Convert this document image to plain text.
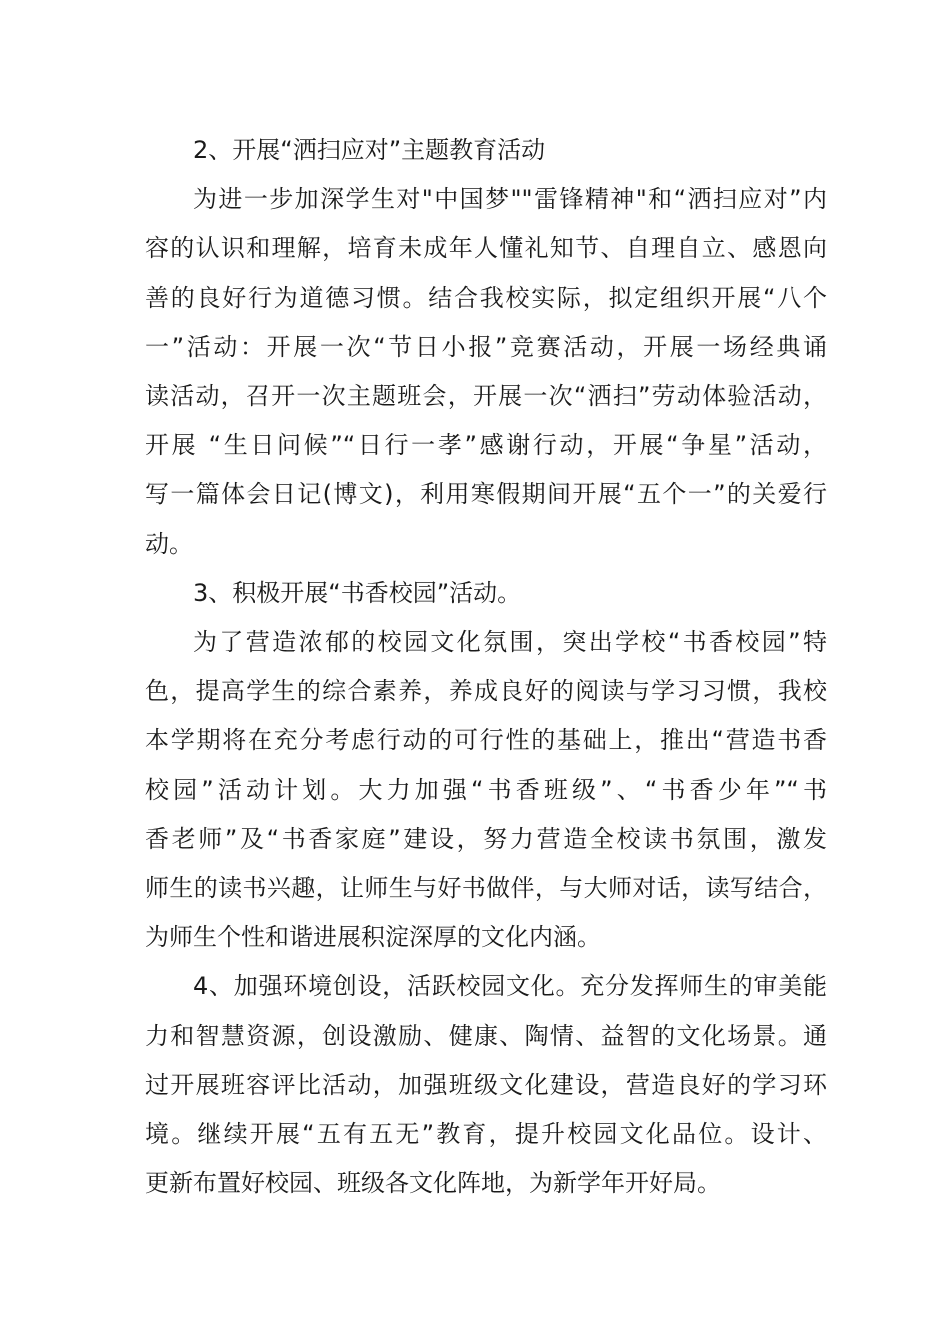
2、开展“洒扫应对”主题教育活动
为进一步加深学生对"中国梦""雷锋精神"和“洒扫应对”内
容的认识和理解，培育未成年人懂礼知节、自理自立、感恩向
善的良好行为道德习惯。结合我校实际，拟定组织开展“八个
一”活动：开展一次“节日小报”竞赛活动，开展一场经典诵
读活动，召开一次主题班会，开展一次“洒扫”劳动体验活动，
开展 “生日问候”“日行一孝”感谢行动，开展“争星”活动，
写一篇体会日记(博文)，利用寒假期间开展“五个一”的关爱行
动。
3、积极开展“书香校园”活动。
为了营造浓郁的校园文化氛围，突出学校“书香校园”特
色，提高学生的综合素养，养成良好的阅读与学习习惯，我校
本学期将在充分考虑行动的可行性的基础上，推出“营造书香
校园”活动计划。大力加强“书香班级”、“书香少年”“书
香老师”及“书香家庭”建设，努力营造全校读书氛围，激发
师生的读书兴趣，让师生与好书做伴，与大师对话，读写结合，
为师生个性和谐进展积淀深厚的文化内涵。
4、加强环境创设，活跃校园文化。充分发挥师生的审美能
力和智慧资源，创设激励、健康、陶情、益智的文化场景。通
过开展班容评比活动，加强班级文化建设，营造良好的学习环
境。继续开展“五有五无”教育，提升校园文化品位。设计、
更新布置好校园、班级各文化阵地，为新学年开好局。
